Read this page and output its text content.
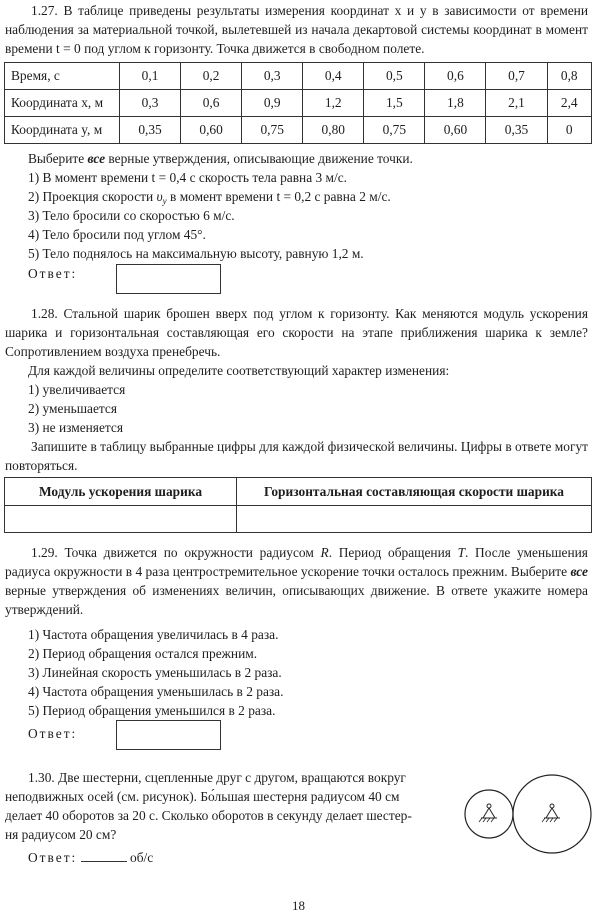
1.27. В таблице приведены результаты измерения координат x и y в зависимости от времени наблюдения за материальной точкой, вылетевшей из начала декартовой системы координат в момент времени t = 0 под углом к горизонту. Точка движется в свободном полете.
Время, с	0,1	0,2	0,3	0,4	0,5	0,6	0,7	0,8
Координата x, м	0,3	0,6	0,9	1,2	1,5	1,8	2,1	2,4
Координата y, м	0,35	0,60	0,75	0,80	0,75	0,60	0,35	0
Выберите все верные утверждения, описывающие движение точки.
1) В момент времени t = 0,4 с скорость тела равна 3 м/с.
2) Проекция скорости $\upsilon_y$ в момент времени t = 0,2 с равна 2 м/с.
3) Тело бросили со скоростью 6 м/с.
4) Тело бросили под углом 45°.
5) Тело поднялось на максимальную высоту, равную 1,2 м.
Ответ:
1.28. Стальной шарик брошен вверх под углом к горизонту. Как меняются модуль ускорения шарика и горизонтальная составляющая его скорости на этапе приближения шарика к земле? Сопротивлением воздуха пренебречь.
Для каждой величины определите соответствующий характер изменения:
1) увеличивается
2) уменьшается
3) не изменяется
Запишите в таблицу выбранные цифры для каждой физической величины. Цифры в ответе могут повторяться.
Модуль ускорения шарика	Горизонтальная составляющая скорости шарика

1.29. Точка движется по окружности радиусом R. Период обращения T. После уменьшения радиуса окружности в 4 раза центростремительное ускорение точки осталось прежним. Выберите все верные утверждения об изменениях величин, описывающих движение. В ответе укажите номера утверждений.
1) Частота обращения увеличилась в 4 раза.
2) Период обращения остался прежним.
3) Линейная скорость уменьшилась в 2 раза.
4) Частота обращения уменьшилась в 2 раза.
5) Период обращения уменьшился в 2 раза.
Ответ:
1.30. Две шестерни, сцепленные друг с другом, вращаются вокруг
неподвижных осей (см. рисунок). Бо́льшая шестерня радиусом 40 см
делает 40 оборотов за 20 с. Сколько оборотов в секунду делает шестер-
ня радиусом 20 см?
Ответ:	об/с
18
